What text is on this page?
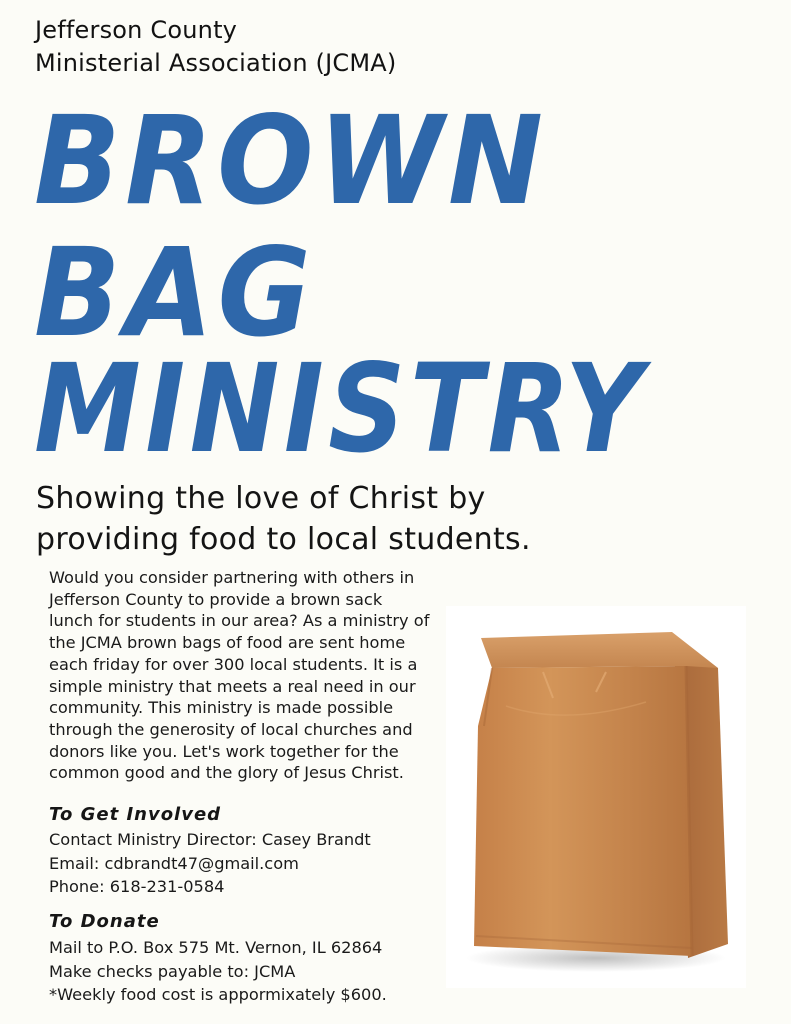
Jefferson County
Ministerial Association (JCMA)
BROWN
BAG
MINISTRY
Showing the love of Christ by
providing food to local students.
Would you consider partnering with others in
Jefferson County to provide a brown sack
lunch for students in our area? As a ministry of
the JCMA brown bags of food are sent home
each friday for over 300 local students. It is a
simple ministry that meets a real need in our
community. This ministry is made possible
through the generosity of local churches and
donors like you. Let's work together for the
common good and the glory of Jesus Christ.
To Get Involved
Contact Ministry Director: Casey Brandt
Email: cdbrandt47@gmail.com
Phone: 618-231-0584
To Donate
Mail to P.O. Box 575 Mt. Vernon, IL 62864
Make checks payable to: JCMA
*Weekly food cost is appormixately $600.
